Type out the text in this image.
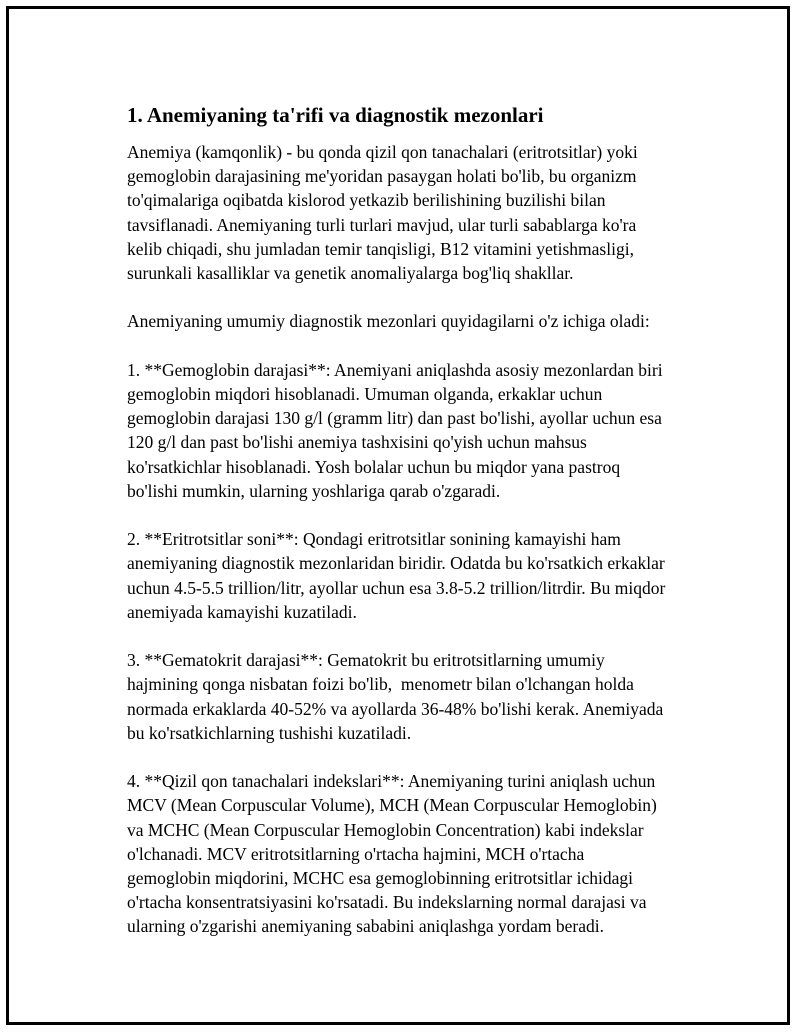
1. Anemiyaning ta'rifi va diagnostik mezonlari

Anemiya (kamqonlik) - bu qonda qizil qon tanachalari (eritrotsitlar) yoki
gemoglobin darajasining me'yoridan pasaygan holati bo'lib, bu organizm
to'qimalariga oqibatda kislorod yetkazib berilishining buzilishi bilan
tavsiflanadi. Anemiyaning turli turlari mavjud, ular turli sabablarga ko'ra
kelib chiqadi, shu jumladan temir tanqisligi, B12 vitamini yetishmasligi,
surunkali kasalliklar va genetik anomaliyalarga bog'liq shakllar.

Anemiyaning umumiy diagnostik mezonlari quyidagilarni o'z ichiga oladi:

1. **Gemoglobin darajasi**: Anemiyani aniqlashda asosiy mezonlardan biri
gemoglobin miqdori hisoblanadi. Umuman olganda, erkaklar uchun
gemoglobin darajasi 130 g/l (gramm litr) dan past bo'lishi, ayollar uchun esa
120 g/l dan past bo'lishi anemiya tashxisini qo'yish uchun mahsus
ko'rsatkichlar hisoblanadi. Yosh bolalar uchun bu miqdor yana pastroq
bo'lishi mumkin, ularning yoshlariga qarab o'zgaradi.

2. **Eritrotsitlar soni**: Qondagi eritrotsitlar sonining kamayishi ham
anemiyaning diagnostik mezonlaridan biridir. Odatda bu ko'rsatkich erkaklar
uchun 4.5-5.5 trillion/litr, ayollar uchun esa 3.8-5.2 trillion/litrdir. Bu miqdor
anemiyada kamayishi kuzatiladi.

3. **Gematokrit darajasi**: Gematokrit bu eritrotsitlarning umumiy
hajmining qonga nisbatan foizi bo'lib,  menometr bilan o'lchangan holda
normada erkaklarda 40-52% va ayollarda 36-48% bo'lishi kerak. Anemiyada
bu ko'rsatkichlarning tushishi kuzatiladi.

4. **Qizil qon tanachalari indekslari**: Anemiyaning turini aniqlash uchun
MCV (Mean Corpuscular Volume), MCH (Mean Corpuscular Hemoglobin)
va MCHC (Mean Corpuscular Hemoglobin Concentration) kabi indekslar
o'lchanadi. MCV eritrotsitlarning o'rtacha hajmini, MCH o'rtacha
gemoglobin miqdorini, MCHC esa gemoglobinning eritrotsitlar ichidagi
o'rtacha konsentratsiyasini ko'rsatadi. Bu indekslarning normal darajasi va
ularning o'zgarishi anemiyaning sababini aniqlashga yordam beradi.
